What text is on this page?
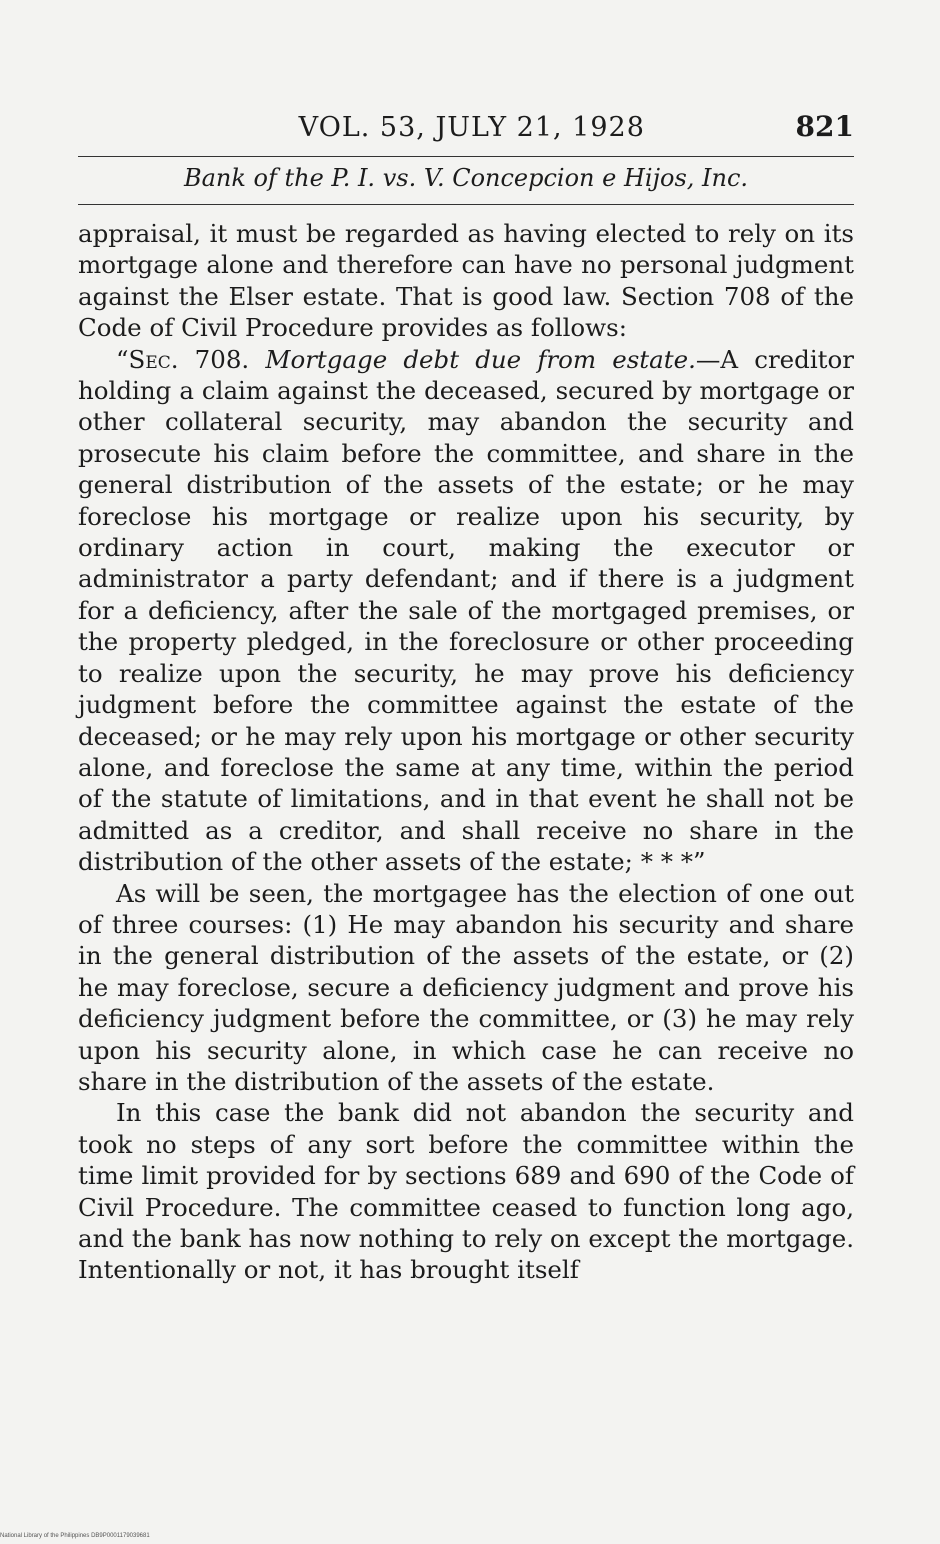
VOL. 53, JULY 21, 1928	821
Bank of the P. I. vs. V. Concepcion e Hijos, Inc.

appraisal, it must be regarded as having elected to rely on its mortgage alone and therefore can have no personal judgment against the Elser estate. That is good law. Section 708 of the Code of Civil Procedure provides as follows:

“Sec. 708. Mortgage debt due from estate.—A creditor holding a claim against the deceased, secured by mortgage or other collateral security, may abandon the security and prosecute his claim before the committee, and share in the general distribution of the assets of the estate; or he may foreclose his mortgage or realize upon his security, by ordinary action in court, making the executor or administrator a party defendant; and if there is a judgment for a deficiency, after the sale of the mortgaged premises, or the property pledged, in the foreclosure or other proceeding to realize upon the security, he may prove his deficiency judgment before the committee against the estate of the deceased; or he may rely upon his mortgage or other security alone, and foreclose the same at any time, within the period of the statute of limitations, and in that event he shall not be admitted as a creditor, and shall receive no share in the distribution of the other assets of the estate; * * *”

As will be seen, the mortgagee has the election of one out of three courses: (1) He may abandon his security and share in the general distribution of the assets of the estate, or (2) he may foreclose, secure a deficiency judgment and prove his deficiency judgment before the committee, or (3) he may rely upon his security alone, in which case he can receive no share in the distribution of the assets of the estate.

In this case the bank did not abandon the security and took no steps of any sort before the committee within the time limit provided for by sections 689 and 690 of the Code of Civil Procedure. The committee ceased to function long ago, and the bank has now nothing to rely on except the mortgage. Intentionally or not, it has brought itself

National Library of the Philippines DB9P0001179039681
